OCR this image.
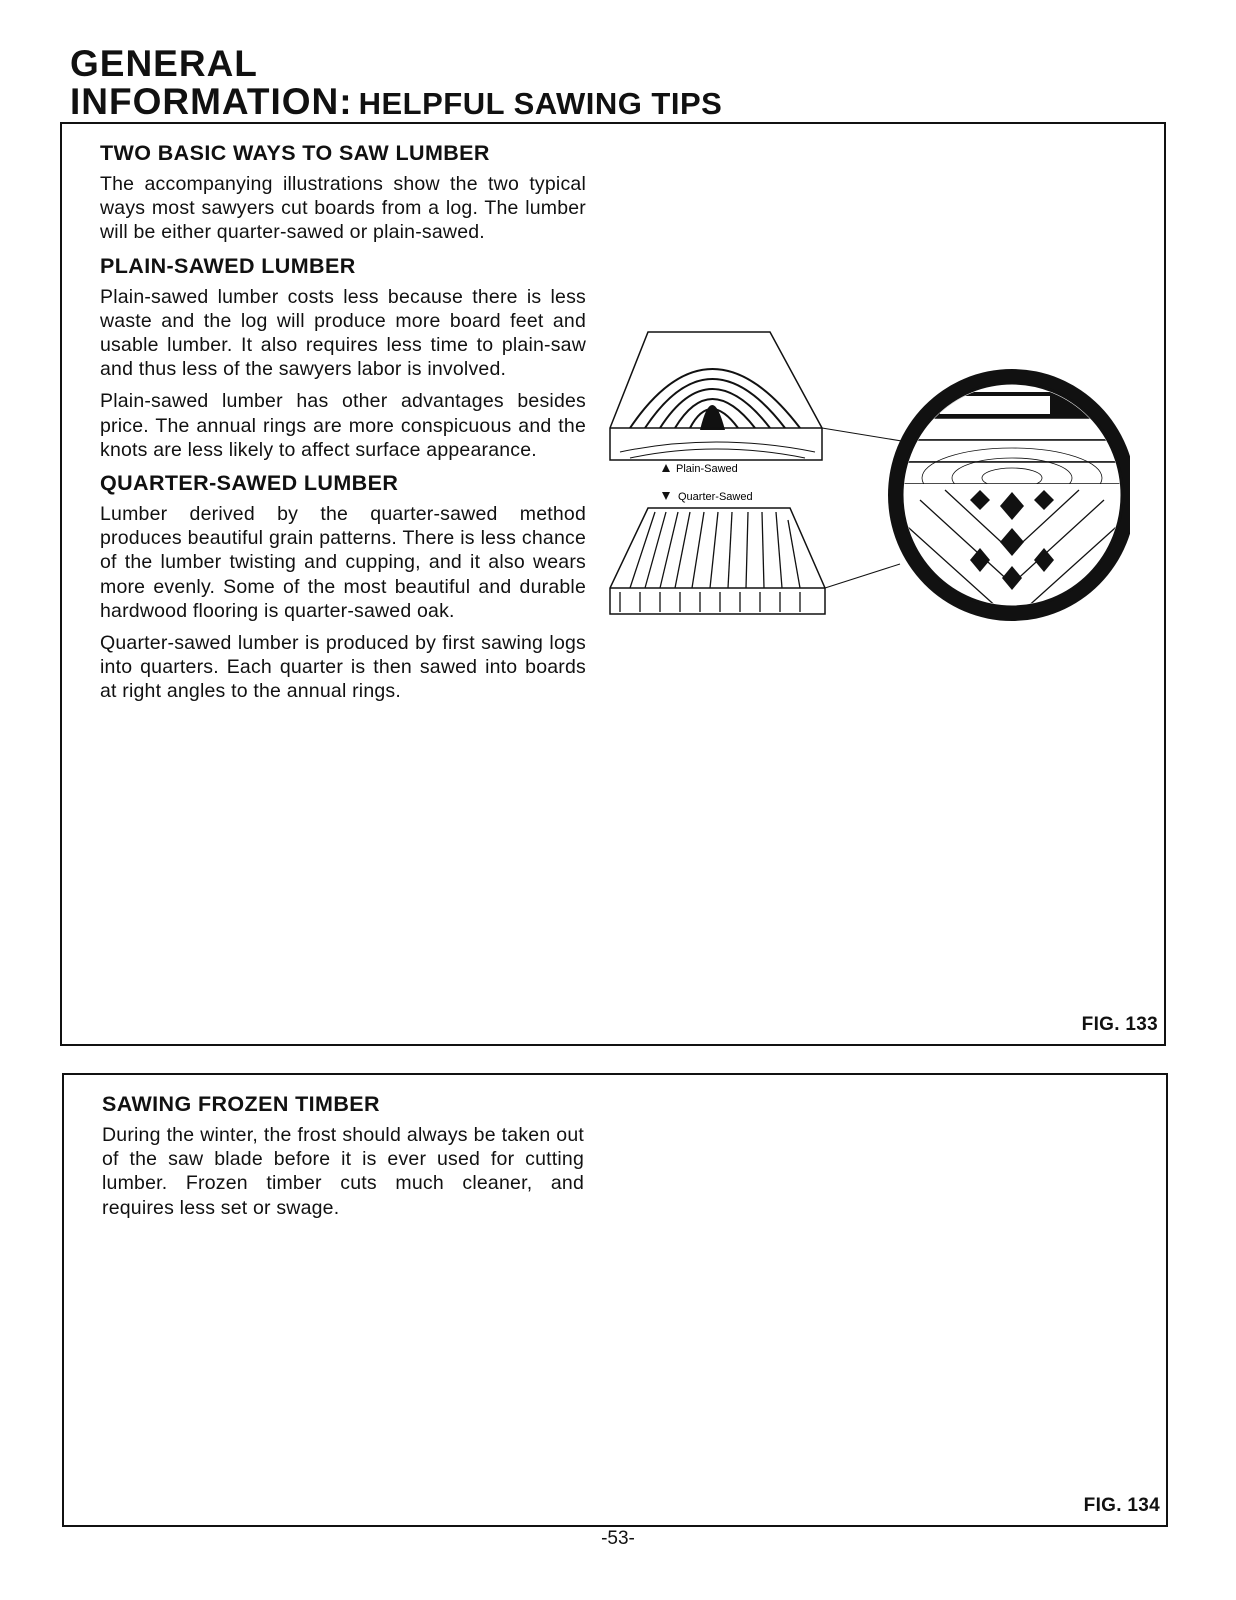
GENERAL
INFORMATION: HELPFUL SAWING TIPS
TWO BASIC WAYS TO SAW LUMBER

The accompanying illustrations show the two typical ways most sawyers cut boards from a log. The lumber will be either quarter-sawed or plain-sawed.

PLAIN-SAWED LUMBER

Plain-sawed lumber costs less because there is less waste and the log will produce more board feet and usable lumber. It also requires less time to plain-saw and thus less of the sawyers labor is involved.

Plain-sawed lumber has other advantages besides price. The annual rings are more conspicuous and the knots are less likely to affect surface appearance.

QUARTER-SAWED LUMBER

Lumber derived by the quarter-sawed method produces beautiful grain patterns. There is less chance of the lumber twisting and cupping, and it also wears more evenly. Some of the most beautiful and durable hardwood flooring is quarter-sawed oak.

Quarter-sawed lumber is produced by first sawing logs into quarters. Each quarter is then sawed into boards at right angles to the annual rings.

FIG. 133
Plain-Sawed
Quarter-Sawed
SAWING FROZEN TIMBER

During the winter, the frost should always be taken out of the saw blade before it is ever used for cutting lumber. Frozen timber cuts much cleaner, and requires less set or swage.

FIG. 134
-53-
